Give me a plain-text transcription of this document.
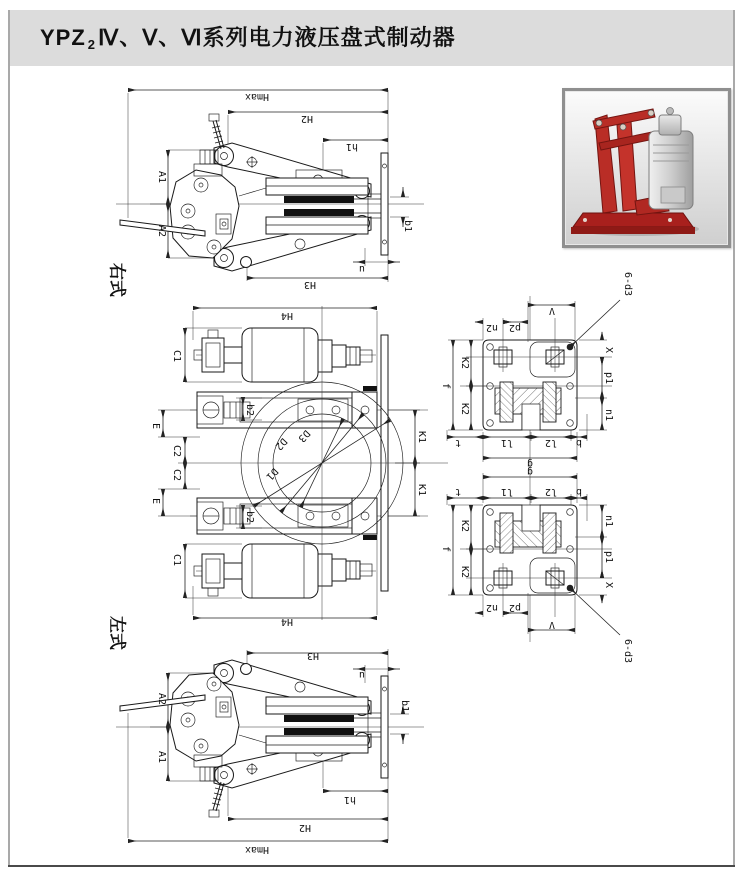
YPZ $_2$Ⅳ、Ⅴ、Ⅵ系列电力液压盘式制动器
Hmax
H2
h1
A1
A2	b1
u
H3
右式
D1
D2 D3
H4
C1
E
C2
b2
K1
K1
C2
E
b2
C1
H4
H3
u
A2
A1
b1
h1
H2
Hmax
左式
f
K2
K2
n2 p2
V
X
p1
n1
t	l1	l2 b
g
6-d3
f
K2
K2
n2 p2
V
X
p1
n1
t	l1	l2 b
g
6-d3
